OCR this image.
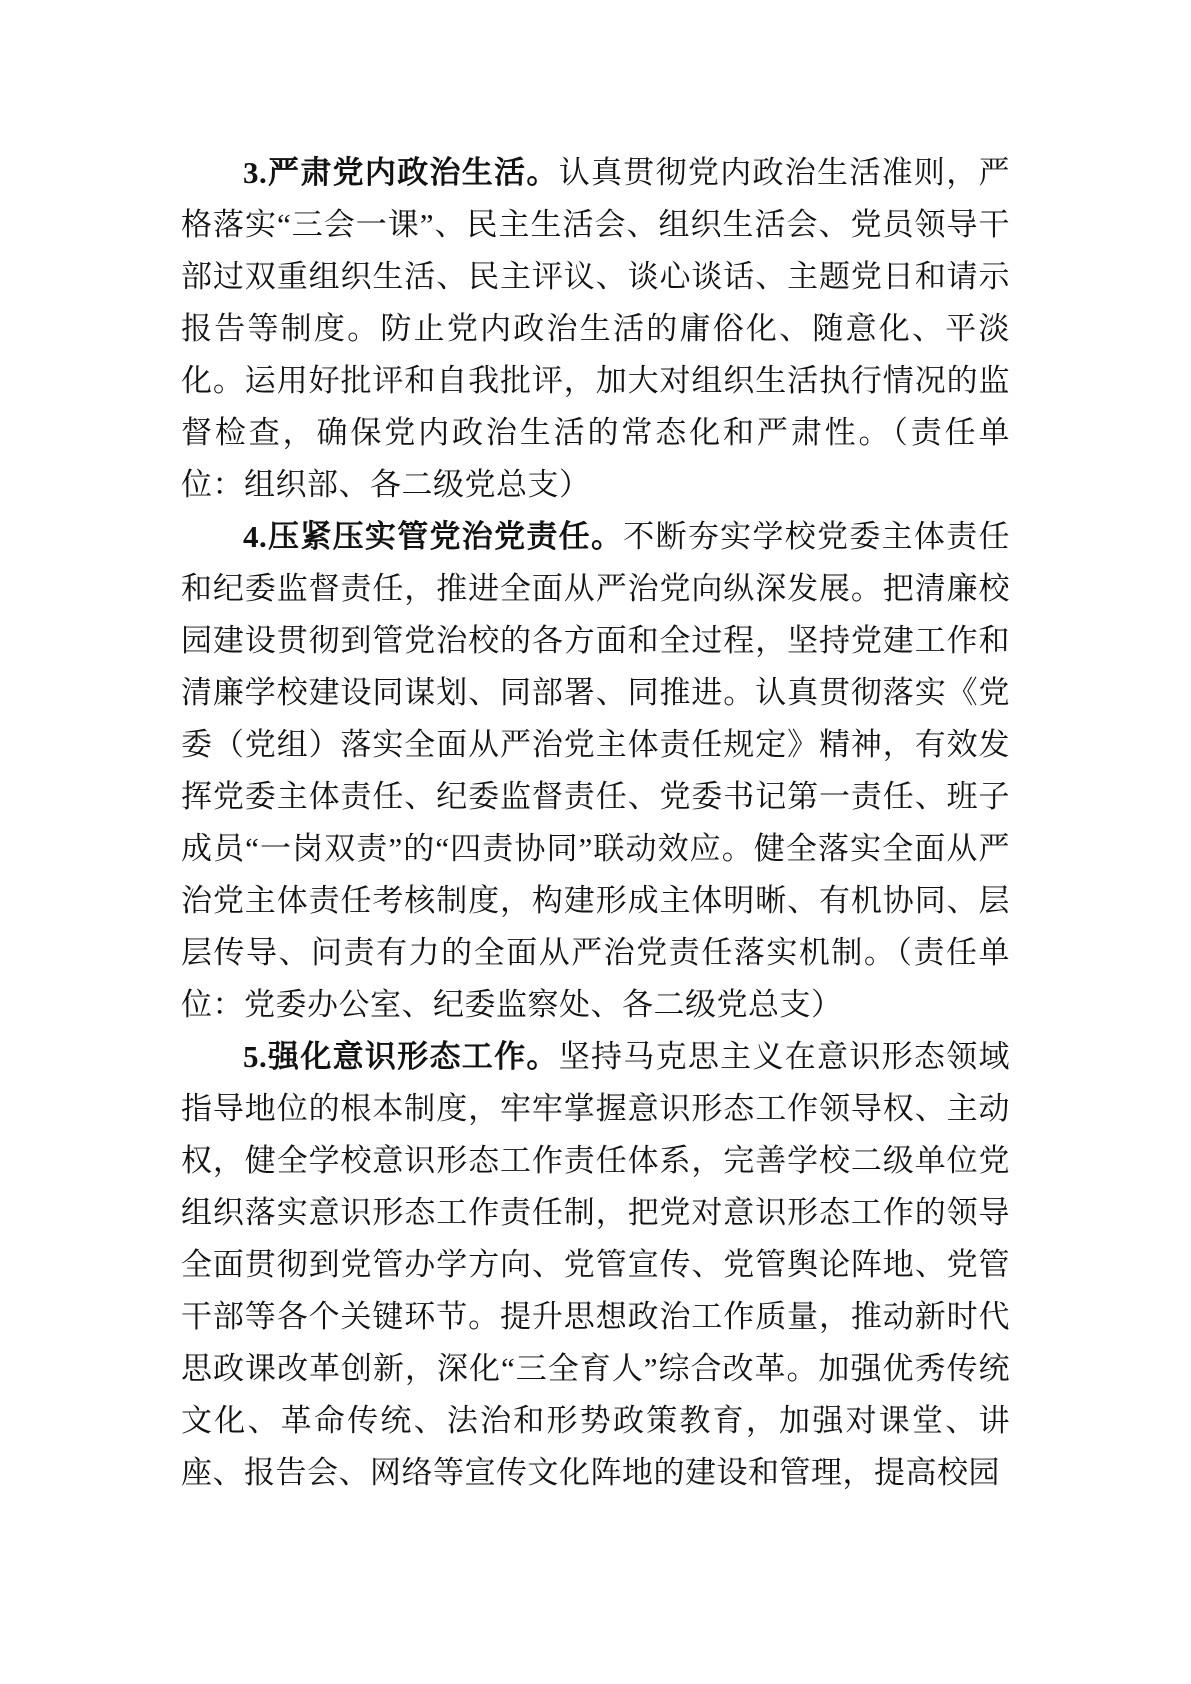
3.严肃党内政治生活。认真贯彻党内政治生活准则，严格落实“三会一课”、民主生活会、组织生活会、党员领导干部过双重组织生活、民主评议、谈心谈话、主题党日和请示报告等制度。防止党内政治生活的庸俗化、随意化、平淡化。运用好批评和自我批评，加大对组织生活执行情况的监督检查，确保党内政治生活的常态化和严肃性。（责任单位：组织部、各二级党总支）

4.压紧压实管党治党责任。不断夯实学校党委主体责任和纪委监督责任，推进全面从严治党向纵深发展。把清廉校园建设贯彻到管党治校的各方面和全过程，坚持党建工作和清廉学校建设同谋划、同部署、同推进。认真贯彻落实《党委（党组）落实全面从严治党主体责任规定》精神，有效发挥党委主体责任、纪委监督责任、党委书记第一责任、班子成员“一岗双责”的“四责协同”联动效应。健全落实全面从严治党主体责任考核制度，构建形成主体明晰、有机协同、层层传导、问责有力的全面从严治党责任落实机制。（责任单位：党委办公室、纪委监察处、各二级党总支）

5.强化意识形态工作。坚持马克思主义在意识形态领域指导地位的根本制度，牢牢掌握意识形态工作领导权、主动权，健全学校意识形态工作责任体系，完善学校二级单位党组织落实意识形态工作责任制，把党对意识形态工作的领导全面贯彻到党管办学方向、党管宣传、党管舆论阵地、党管干部等各个关键环节。提升思想政治工作质量，推动新时代思政课改革创新，深化“三全育人”综合改革。加强优秀传统文化、革命传统、法治和形势政策教育，加强对课堂、讲座、报告会、网络等宣传文化阵地的建设和管理，提高校园
